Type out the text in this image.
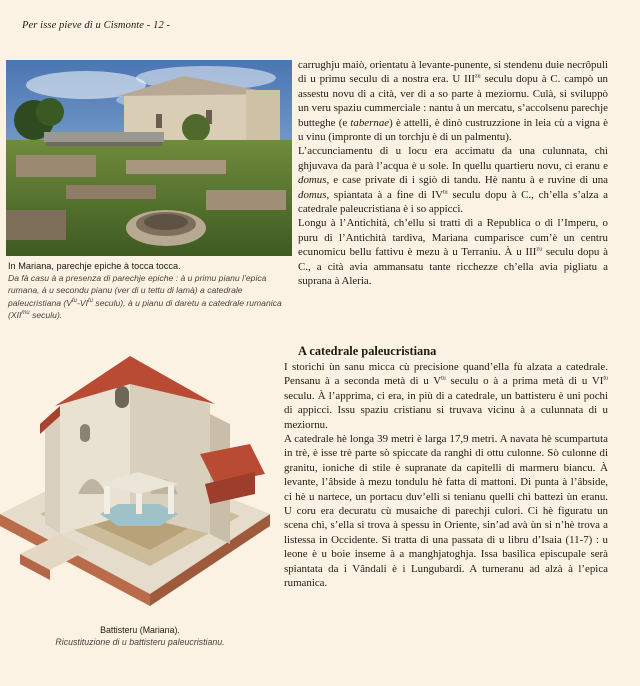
Per isse pieve di u Cismonte - 12 -
In Mariana, parechje epiche à tocca tocca.
Da fà casu à a presenza di parechje epiche : à u primu pianu l’epica rumana, à u secondu pianu (ver di u tettu di lamà) a catedrale paleucristiana ($V^{tu}-VI^{tu}$ seculu), à u pianu di daretu a catedrale rumanica ($XII^{mu}$ seculu).

carrughju maiò, orientatu à levante-punente, si stendenu duie necrôpuli di u primu seculu di a nostra era. U $III^{zu}$ seculu dopu à C. campò un assestu novu di a cità, ver di a so parte à meziornu. Culà, si sviluppò un veru spaziu cummerciale : nantu à un mercatu, s’accolsenu parechje butteghe (e tabernae) è attelli, è dinò custruzzione in leia cù a vigna è u vinu (impronte di un torchju è di un palmentu).

L’accunciamentu di u locu era accimatu da una culunnata, chì ghjuvava da parà l’acqua è u sole. In quellu quartieru novu, ci eranu e domus, e case private di i sgiò di tandu. Hè nantu à e ruvine di una domus, spiantata à a fine di $IV^{tu}$ seculu dopu à C., ch’ella s’alza a catedrale paleucristiana è i so appicci.

Longu à l’Antichità, ch’ellu si tratti di a Republica o di l’Imperu, o puru di l’Antichità tardiva, Mariana cumparisce cum’è un centru ecunomicu bellu fattivu è mezu à u Terraniu. À u $III^{zu}$ seculu dopu à C., a cità avia ammansatu tante ricchezze ch’ella avia pigliatu a suprana à Aleria.

A catedrale paleucristiana

I storichi ùn sanu micca cù precisione quand’ella fù alzata a catedrale. Pensanu à a seconda metà di u $V^{tu}$ seculu o à a prima metà di u $VI^{tu}$ seculu. À l’apprima, ci era, in più di a catedrale, un battisteru è uni pochi di appicci. Issu spaziu cristianu si truvava vicinu à a culunnata di u meziornu.

A catedrale hè longa 39 metri è larga 17,9 metri. A navata hè scumpartuta in trè, è isse trè parte sò spiccate da ranghi di ottu culonne. Sò culonne di granitu, ioniche di stile è supranate da capitelli di marmeru biancu. À levante, l’âbside à mezu tondulu hè fatta di mattoni. Di punta à l’âbside, ci hè u nartece, un portacu duv’elli si tenianu quelli chì battezi ùn eranu. U coru era decuratu cù musaiche di parechji culori. Ci hè figuratu un scena chì, s’ella si trova à spessu in Oriente, sin’ad avà ùn si n’hè trova a listessa in Occidente. Si tratta di una passata di u libru d’Isaia (11-7) : u leone è u boie inseme à a manghjatoghja. Issa basilica episcupale serà spiantata da i Vândali è i Lungubardi. A turneranu ad alzà à l’epica rumanica.

Battisteru (Mariana).
Ricustituzione di u battisteru paleucristianu.
